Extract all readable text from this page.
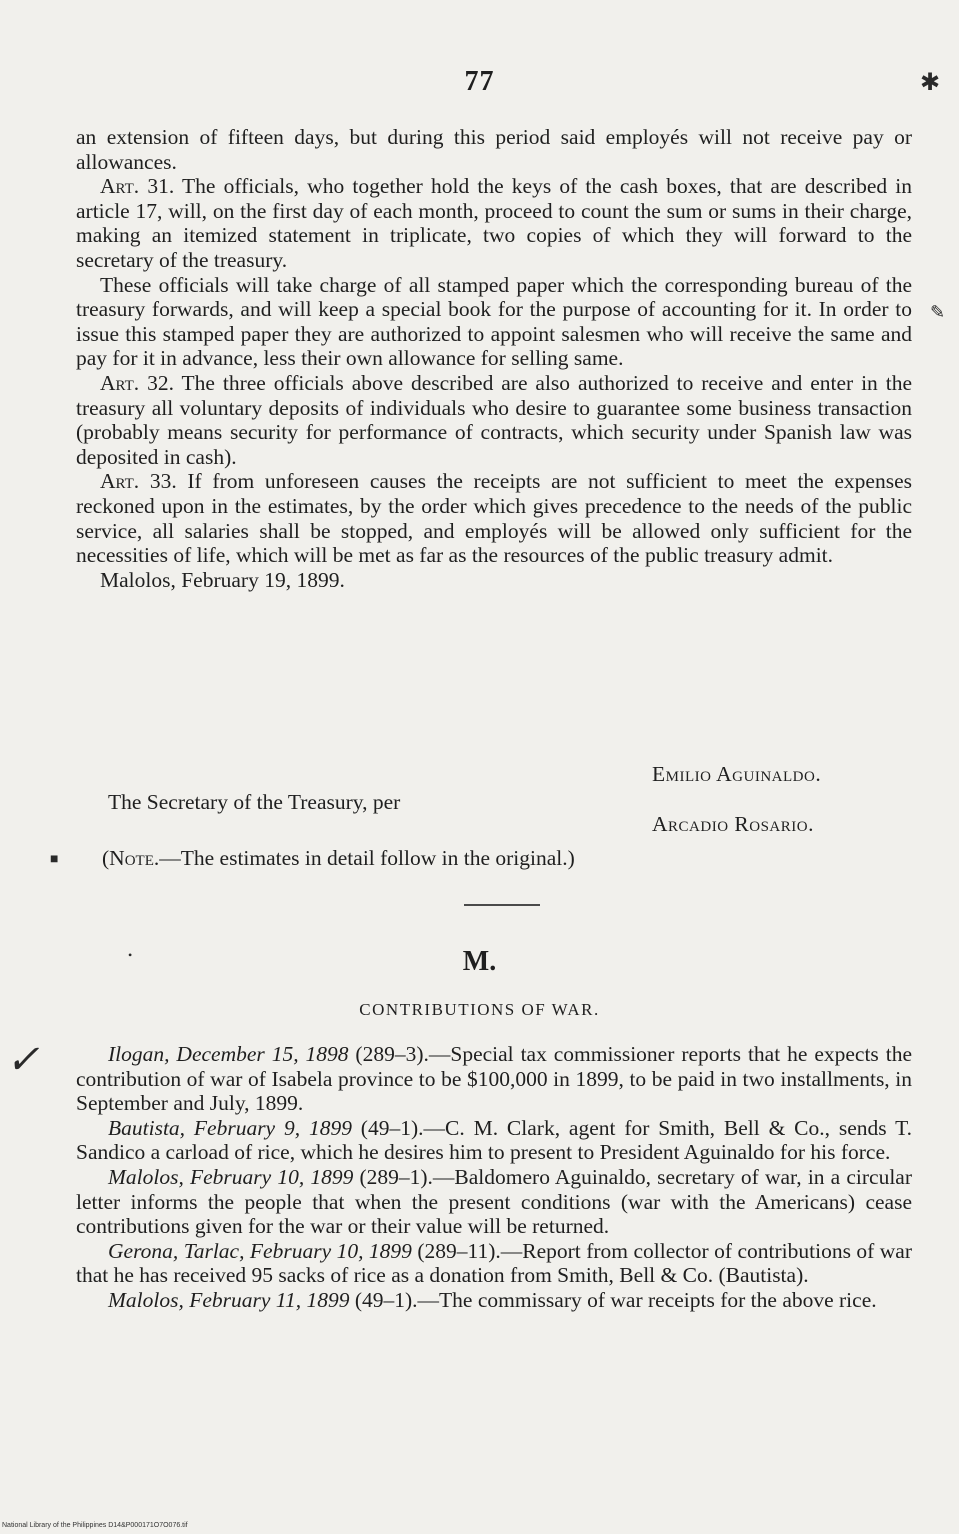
77

an extension of fifteen days, but during this period said employés will not receive pay or allowances.

Art. 31. The officials, who together hold the keys of the cash boxes, that are described in article 17, will, on the first day of each month, proceed to count the sum or sums in their charge, making an itemized statement in triplicate, two copies of which they will forward to the secretary of the treasury.

These officials will take charge of all stamped paper which the corresponding bureau of the treasury forwards, and will keep a special book for the purpose of accounting for it. In order to issue this stamped paper they are authorized to appoint salesmen who will receive the same and pay for it in advance, less their own allowance for selling same.

Art. 32. The three officials above described are also authorized to receive and enter in the treasury all voluntary deposits of individuals who desire to guarantee some business transaction (probably means security for performance of contracts, which security under Spanish law was deposited in cash).

Art. 33. If from unforeseen causes the receipts are not sufficient to meet the expenses reckoned upon in the estimates, by the order which gives precedence to the needs of the public service, all salaries shall be stopped, and employés will be allowed only sufficient for the necessities of life, which will be met as far as the resources of the public treasury admit.

Malolos, February 19, 1899.

Emilio Aguinaldo.
The Secretary of the Treasury, per
Arcadio Rosario.
(Note.—The estimates in detail follow in the original.)
M.
CONTRIBUTIONS OF WAR.

Ilogan, December 15, 1898 (289–3).—Special tax commissioner reports that he expects the contribution of war of Isabela province to be $100,000 in 1899, to be paid in two installments, in September and July, 1899.

Bautista, February 9, 1899 (49–1).—C. M. Clark, agent for Smith, Bell & Co., sends T. Sandico a carload of rice, which he desires him to present to President Aguinaldo for his force.

Malolos, February 10, 1899 (289–1).—Baldomero Aguinaldo, secretary of war, in a circular letter informs the people that when the present conditions (war with the Americans) cease contributions given for the war or their value will be returned.

Gerona, Tarlac, February 10, 1899 (289–11).—Report from collector of contributions of war that he has received 95 sacks of rice as a donation from Smith, Bell & Co. (Bautista).

Malolos, February 11, 1899 (49–1).—The commissary of war receipts for the above rice.

✓
✱
✎
■
•
National Library of the Philippines D14&P000171O7O076.tif
